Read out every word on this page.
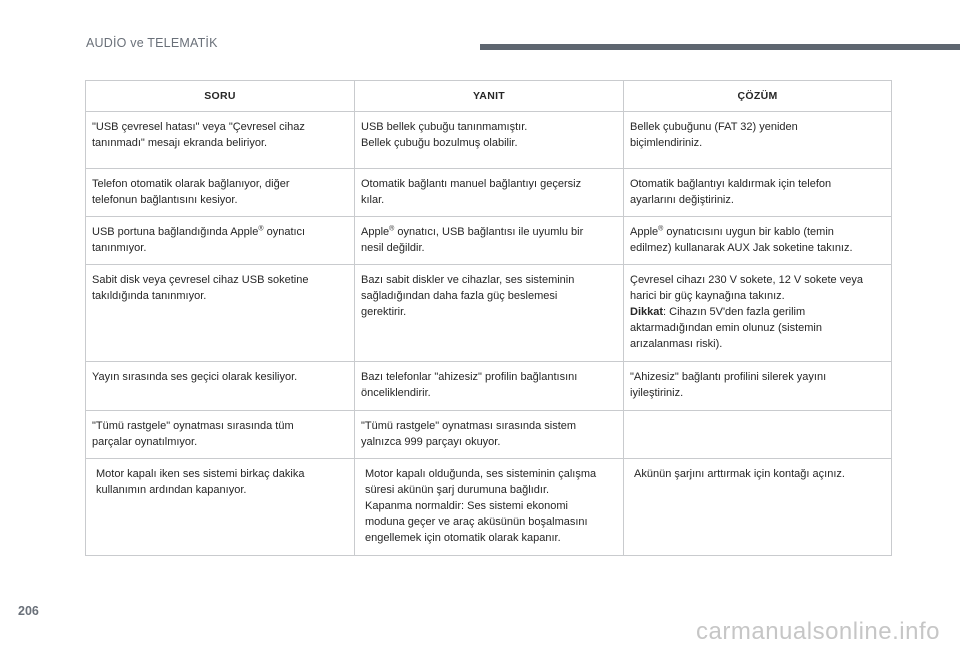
AUDİO ve TELEMATİK
SORU	YANIT	ÇÖZÜM

"USB çevresel hatası" veya "Çevresel cihaz
tanınmadı" mesajı ekranda beliriyor.	USB bellek çubuğu tanınmamıştır.
Bellek çubuğu bozulmuş olabilir.	Bellek çubuğunu (FAT 32) yeniden
biçimlendiriniz.

Telefon otomatik olarak bağlanıyor, diğer
telefonun bağlantısını kesiyor.	Otomatik bağlantı manuel bağlantıyı geçersiz
kılar.	Otomatik bağlantıyı kaldırmak için telefon
ayarlarını değiştiriniz.

USB portuna bağlandığında Apple® oynatıcı
tanınmıyor.	Apple® oynatıcı, USB bağlantısı ile uyumlu bir
nesil değildir.	Apple® oynatıcısını uygun bir kablo (temin
edilmez) kullanarak AUX Jak soketine takınız.

Sabit disk veya çevresel cihaz USB soketine
takıldığında tanınmıyor.	Bazı sabit diskler ve cihazlar, ses sisteminin
sağladığından daha fazla güç beslemesi
gerektirir.	Çevresel cihazı 230 V sokete, 12 V sokete veya
harici bir güç kaynağına takınız.
Dikkat: Cihazın 5V'den fazla gerilim
aktarmadığından emin olunuz (sistemin
arızalanması riski).

Yayın sırasında ses geçici olarak kesiliyor.	Bazı telefonlar "ahizesiz" profilin bağlantısını
önceliklendirir.	"Ahizesiz" bağlantı profilini silerek yayını
iyileştiriniz.

"Tümü rastgele" oynatması sırasında tüm
parçalar oynatılmıyor.	"Tümü rastgele" oynatması sırasında sistem
yalnızca 999 parçayı okuyor.	

Motor kapalı iken ses sistemi birkaç dakika
kullanımın ardından kapanıyor.	Motor kapalı olduğunda, ses sisteminin çalışma
süresi akünün şarj durumuna bağlıdır.
Kapanma normaldir: Ses sistemi ekonomi
moduna geçer ve araç aküsünün boşalmasını
engellemek için otomatik olarak kapanır.	Akünün şarjını arttırmak için kontağı açınız.
206
carmanualsonline.info
